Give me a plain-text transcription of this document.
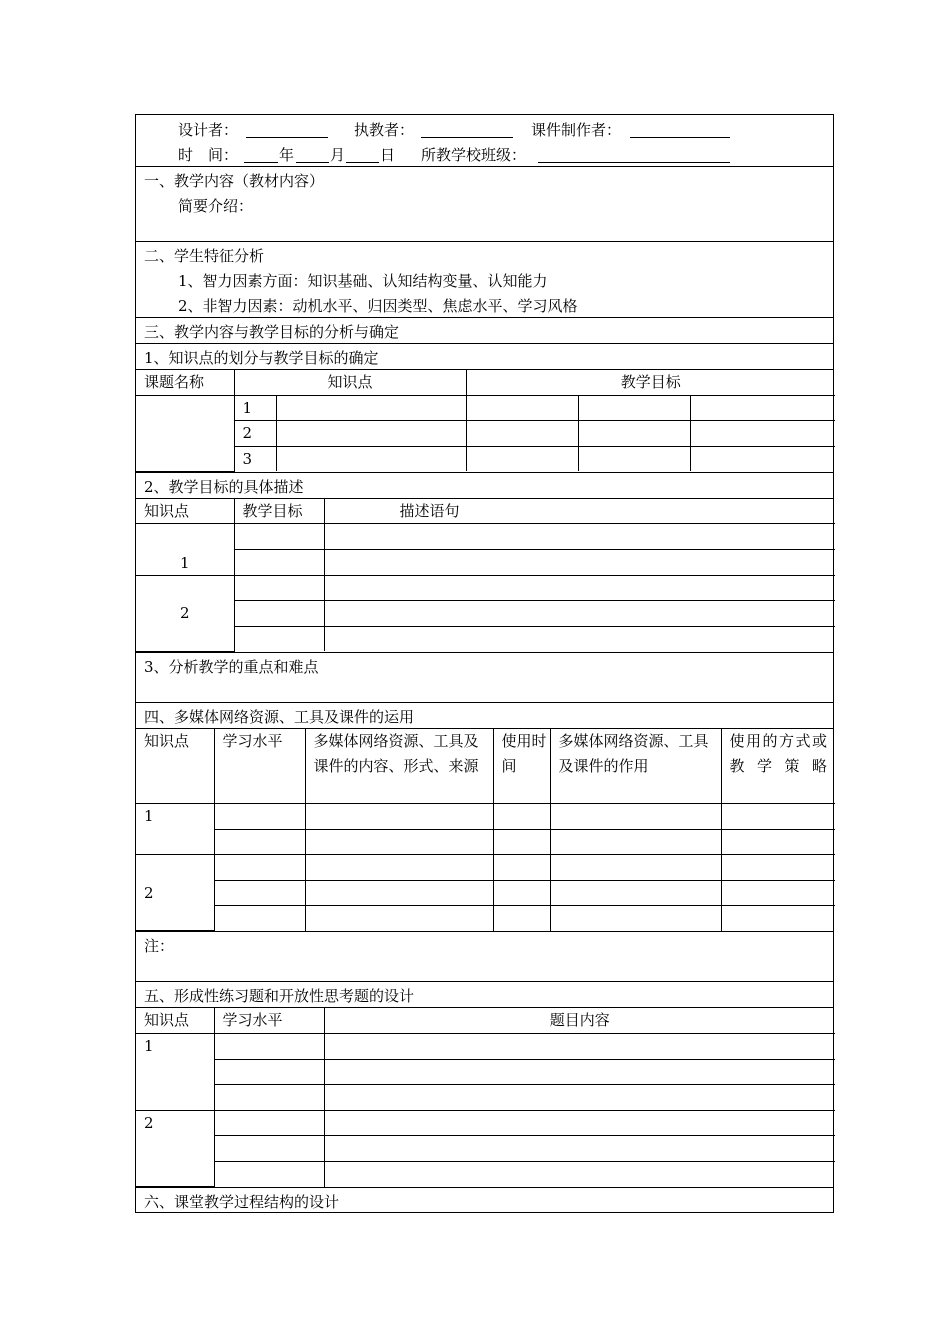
设计者：	执教者：	课件制作者：
时　间：	年 月 日 所教学校班级：
一、教学内容（教材内容）
简要介绍：
二、学生特征分析
1、智力因素方面：知识基础、认知结构变量、认知能力
2、非智力因素：动机水平、归因类型、焦虑水平、学习风格
三、教学内容与教学目标的分析与确定
1、知识点的划分与教学目标的确定
课题名称	知识点		教学目标		
	1				
	2				
	3				
2、教学目标的具体描述
知识点	教学目标	描述语句
1		

2		

3、分析教学的重点和难点
四、多媒体网络资源、工具及课件的运用
知识点	学习水平	多媒体网络资源、工具及课件的内容、形式、来源	使用时间	多媒体网络资源、工具及课件的作用	使用的方式或教学策略
1					

2					

注：
五、形成性练习题和开放性思考题的设计
知识点	学习水平	题目内容
1		

2		

六、课堂教学过程结构的设计
